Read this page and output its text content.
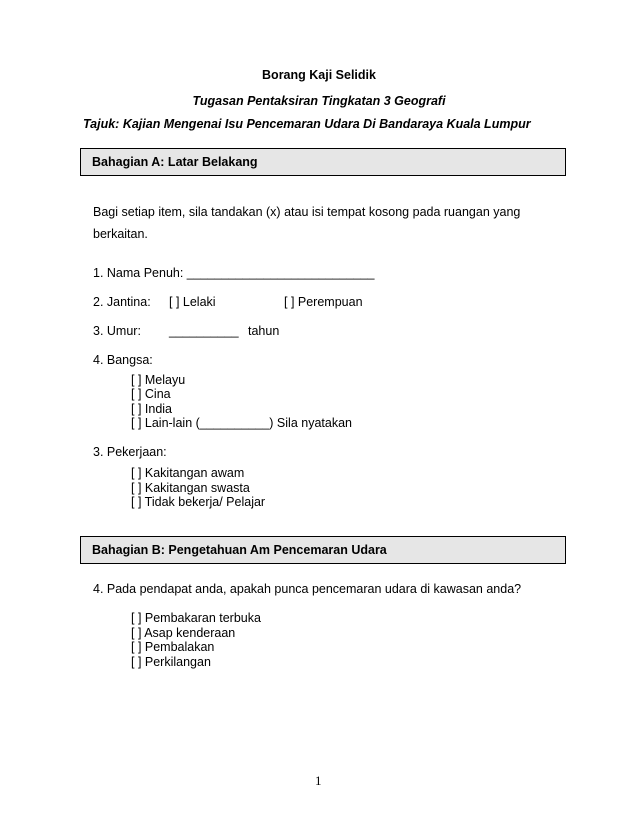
Borang Kaji Selidik
Tugasan Pentaksiran Tingkatan 3 Geografi
Tajuk: Kajian Mengenai Isu Pencemaran Udara Di Bandaraya Kuala Lumpur
Bahagian A: Latar Belakang
Bagi setiap item, sila tandakan (x) atau isi tempat kosong pada ruangan yang
berkaitan.
1. Nama Penuh: ___________________________
2. Jantina: [ ] Lelaki	[ ] Perempuan
3. Umur: __________ tahun
4. Bangsa:
[ ] Melayu
[ ] Cina
[ ] India
[ ] Lain-lain (__________) Sila nyatakan
3. Pekerjaan:
[ ] Kakitangan awam
[ ] Kakitangan swasta
[ ] Tidak bekerja/ Pelajar
Bahagian B: Pengetahuan Am Pencemaran Udara
4. Pada pendapat anda, apakah punca pencemaran udara di kawasan anda?
[ ] Pembakaran terbuka
[ ] Asap kenderaan
[ ] Pembalakan
[ ] Perkilangan
1
